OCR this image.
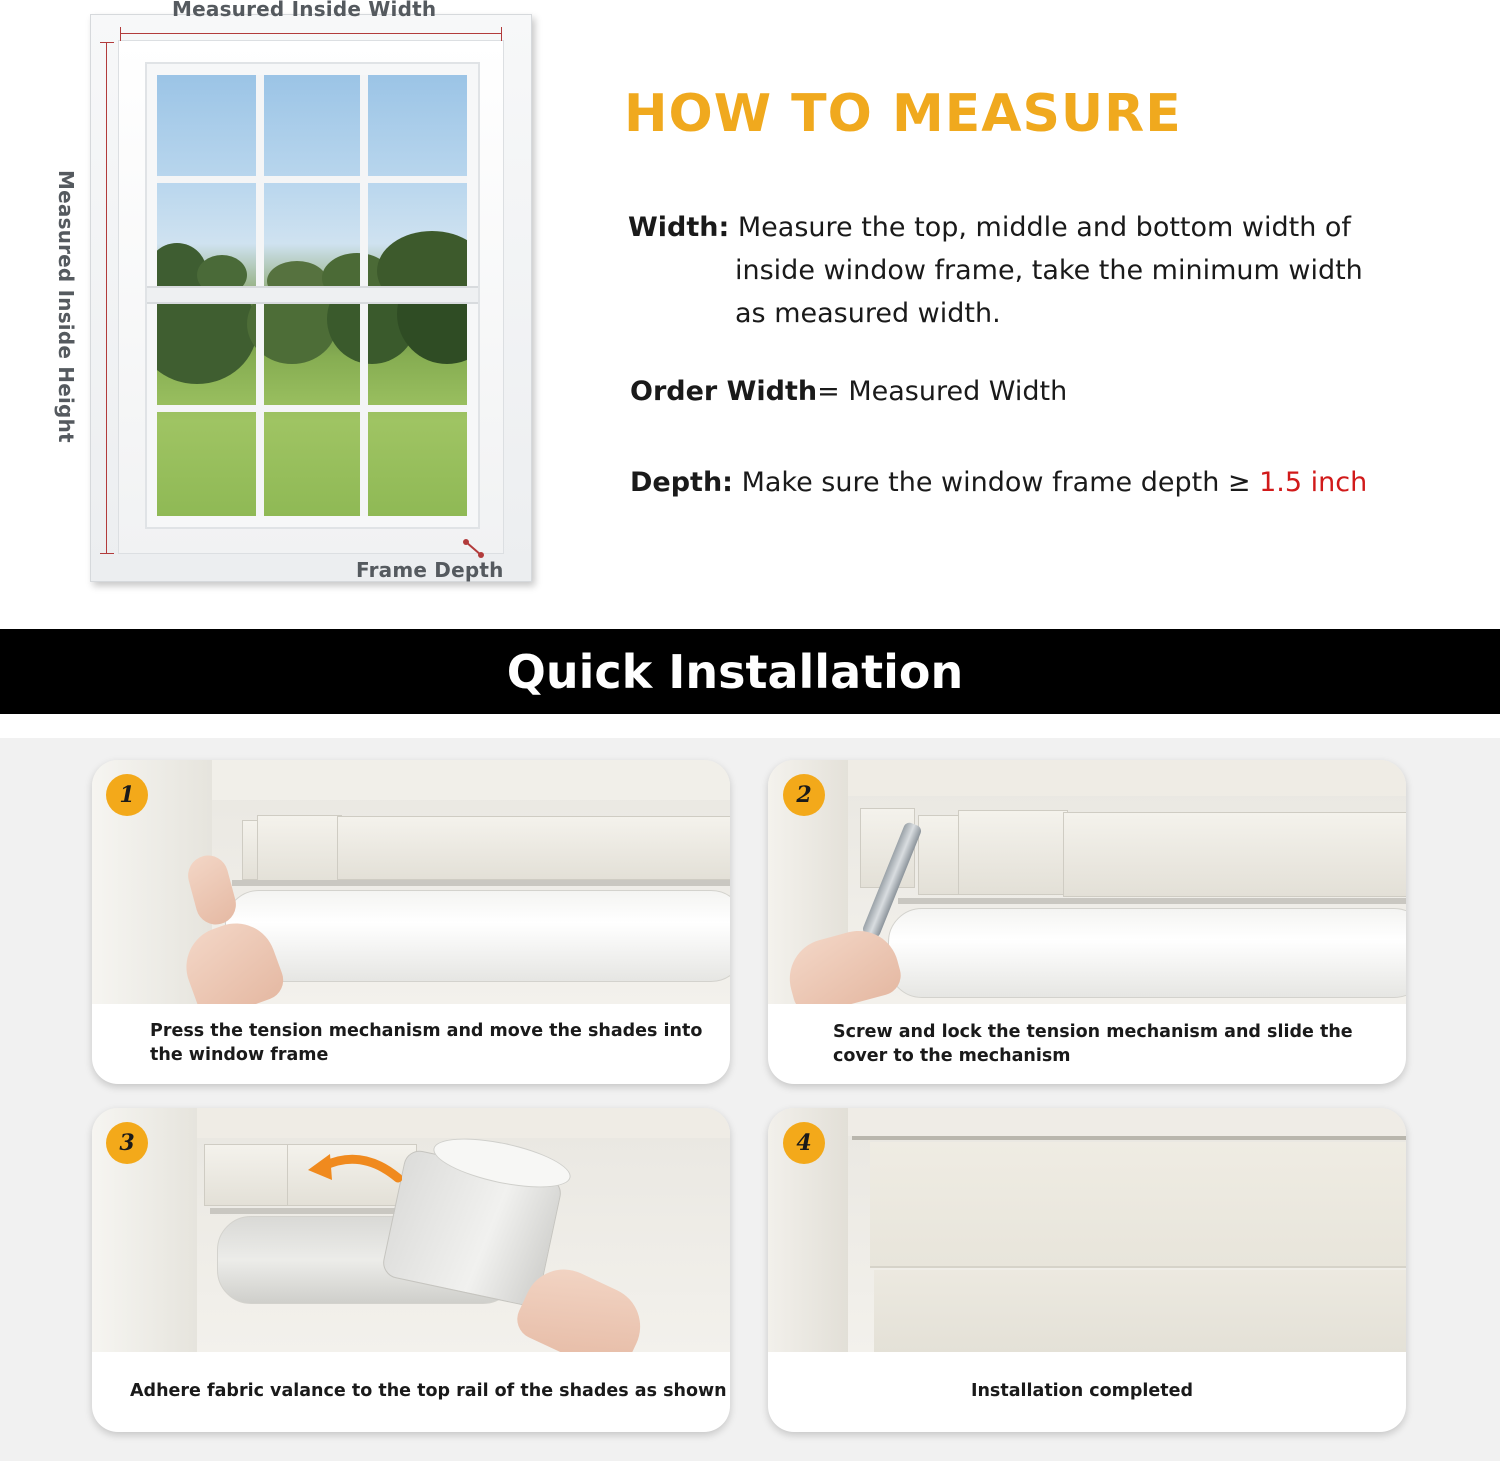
Measured Inside Width
Measured Inside Height
Frame Depth
HOW TO MEASURE
Width: Measure the top, middle and bottom width of
inside window frame, take the minimum width
as measured width.
Order Width= Measured Width
Depth: Make sure the window frame depth ≥ 1.5 inch
Quick Installation
Press the tension mechanism and move the shades into
the window frame
1
Screw and lock the tension mechanism and slide the
cover to the mechanism
2
Adhere fabric valance to the top rail of the shades as shown
3
Installation completed
4
